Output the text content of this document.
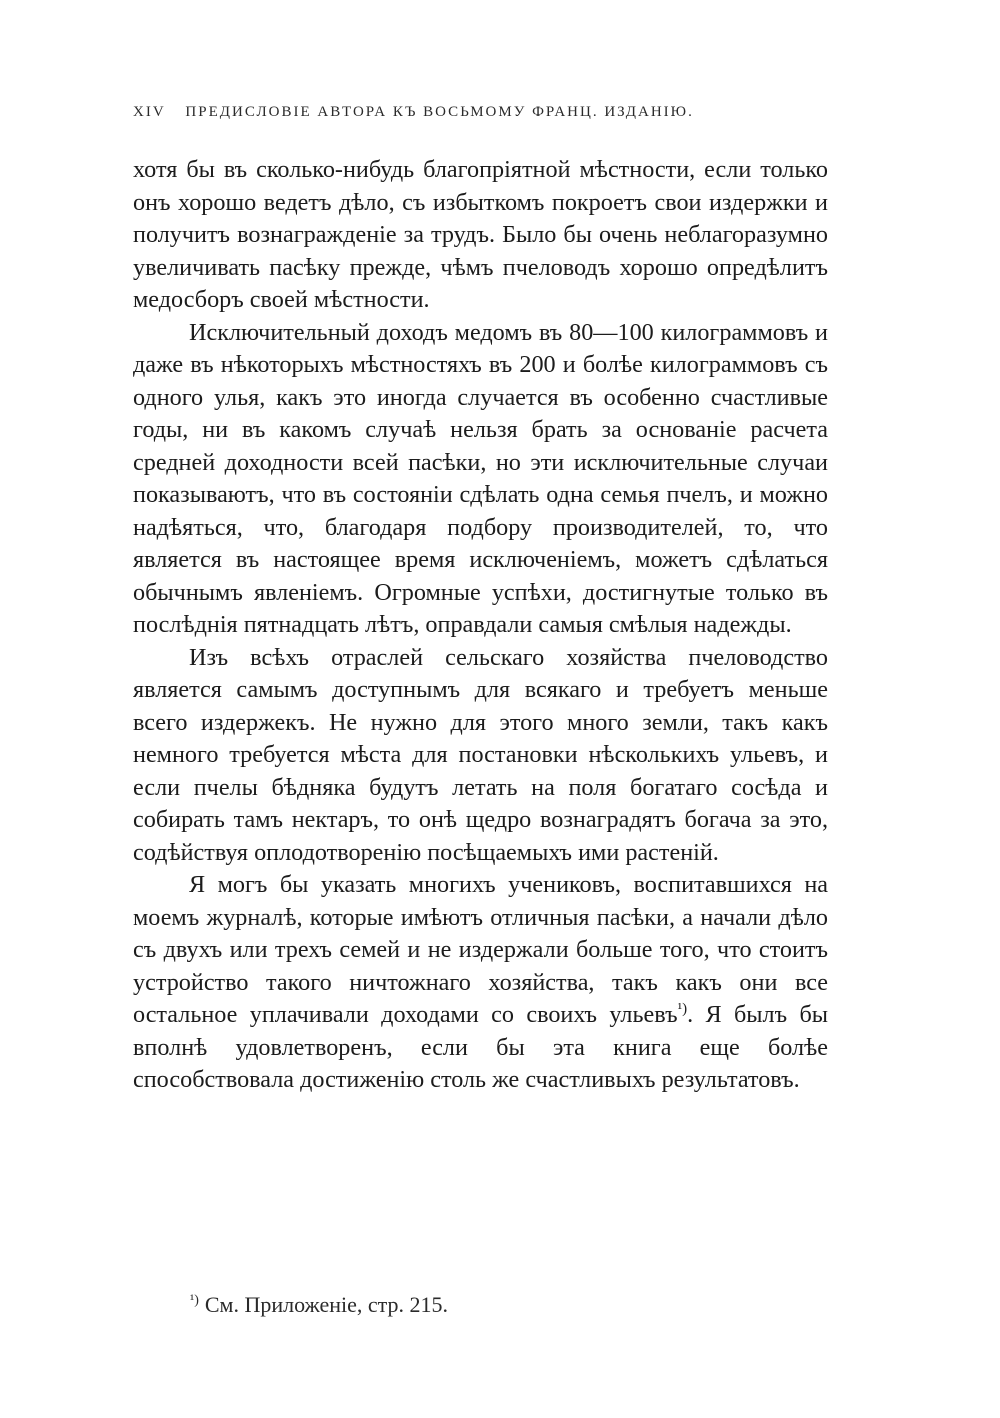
XIV ПРЕДИСЛОВІЕ АВТОРА КЪ ВОСЬМОМУ ФРАНЦ. ИЗДАНІЮ.

хотя бы въ сколько-нибудь благопріятной мѣстности, если только онъ хорошо ведетъ дѣло, съ избыткомъ покроетъ свои издержки и получитъ вознагражденіе за трудъ. Было бы очень неблагоразумно увеличивать пасѣку прежде, чѣмъ пчеловодъ хорошо опредѣлитъ медосборъ своей мѣстности.

Исключительный доходъ медомъ въ 80—100 килограммовъ и даже въ нѣкоторыхъ мѣстностяхъ въ 200 и болѣе килограммовъ съ одного улья, какъ это иногда случается въ особенно счастливые годы, ни въ какомъ случаѣ нельзя брать за основаніе расчета средней доходности всей пасѣки, но эти исключительные случаи показываютъ, что въ состояніи сдѣлать одна семья пчелъ, и можно надѣяться, что, благодаря подбору производителей, то, что является въ настоящее время исключеніемъ, можетъ сдѣлаться обычнымъ явленіемъ. Огромные успѣхи, достигнутые только въ послѣднія пятнадцать лѣтъ, оправдали самыя смѣлыя надежды.

Изъ всѣхъ отраслей сельскаго хозяйства пчеловодство является самымъ доступнымъ для всякаго и требуетъ меньше всего издержекъ. Не нужно для этого много земли, такъ какъ немного требуется мѣста для постановки нѣсколькихъ ульевъ, и если пчелы бѣдняка будутъ летать на поля богатаго сосѣда и собирать тамъ нектаръ, то онѣ щедро вознаградятъ богача за это, содѣйствуя оплодотворенію посѣщаемыхъ ими растеній.

Я могъ бы указать многихъ учениковъ, воспитавшихся на моемъ журналѣ, которые имѣютъ отличныя пасѣки, а начали дѣло съ двухъ или трехъ семей и не издержали больше того, что стоитъ устройство такого ничтожнаго хозяйства, такъ какъ они все остальное уплачивали доходами со своихъ ульевъ$^{^1)}$. Я былъ бы вполнѣ удовлетворенъ, если бы эта книга еще болѣе способствовала достиженію столь же счастливыхъ результатовъ.

$^{^1)}$ См. Приложеніе, стр. 215.
